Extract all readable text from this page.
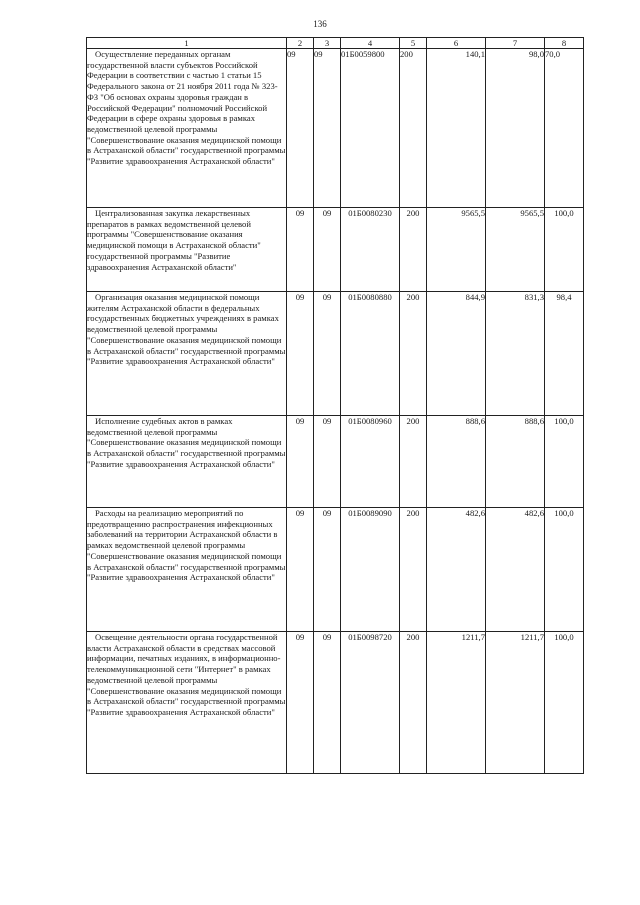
136
1	2	3	4	5	6	7	8

Осуществление переданных органам государственной власти субъектов Российской Федерации в соответствии с частью 1 статьи 15 Федерального закона от 21 ноября 2011 года № 323-ФЗ "Об основах охраны здоровья граждан в Российской Федерации" полномочий Российской Федерации в сфере охраны здоровья в рамках ведомственной целевой программы "Совершенствование оказания медицинской помощи в Астраханской области" государственной программы "Развитие здравоохранения Астраханской области"	09	09	01Б0059800	200	140,1	98,0	70,0

Централизованная закупка лекарственных препаратов в рамках ведомственной целевой программы "Совершенствование оказания медицинской помощи в Астраханской области" государственной программы "Развитие здравоохранения Астраханской области"	09	09	01Б0080230	200	9565,5	9565,5	100,0

Организация оказания медицинской помощи жителям Астраханской области в федеральных государственных бюджетных учреждениях в рамках ведомственной целевой программы "Совершенствование оказания медицинской помощи в Астраханской области" государственной программы "Развитие здравоохранения Астраханской области"	09	09	01Б0080880	200	844,9	831,3	98,4

Исполнение судебных актов в рамках ведомственной целевой программы "Совершенствование оказания медицинской помощи в Астраханской области" государственной программы "Развитие здравоохранения Астраханской области"	09	09	01Б0080960	200	888,6	888,6	100,0

Расходы на реализацию мероприятий по предотвращению распространения инфекционных заболеваний на территории Астраханской области в рамках ведомственной целевой программы "Совершенствование оказания медицинской помощи в Астраханской области" государственной программы "Развитие здравоохранения Астраханской области"	09	09	01Б0089090	200	482,6	482,6	100,0

Освещение деятельности органа государственной власти Астраханской области в средствах массовой информации, печатных изданиях, в информационно-телекоммуникационной сети "Интернет" в рамках ведомственной целевой программы "Совершенствование оказания медицинской помощи в Астраханской области" государственной программы "Развитие здравоохранения Астраханской области"	09	09	01Б0098720	200	1211,7	1211,7	100,0
